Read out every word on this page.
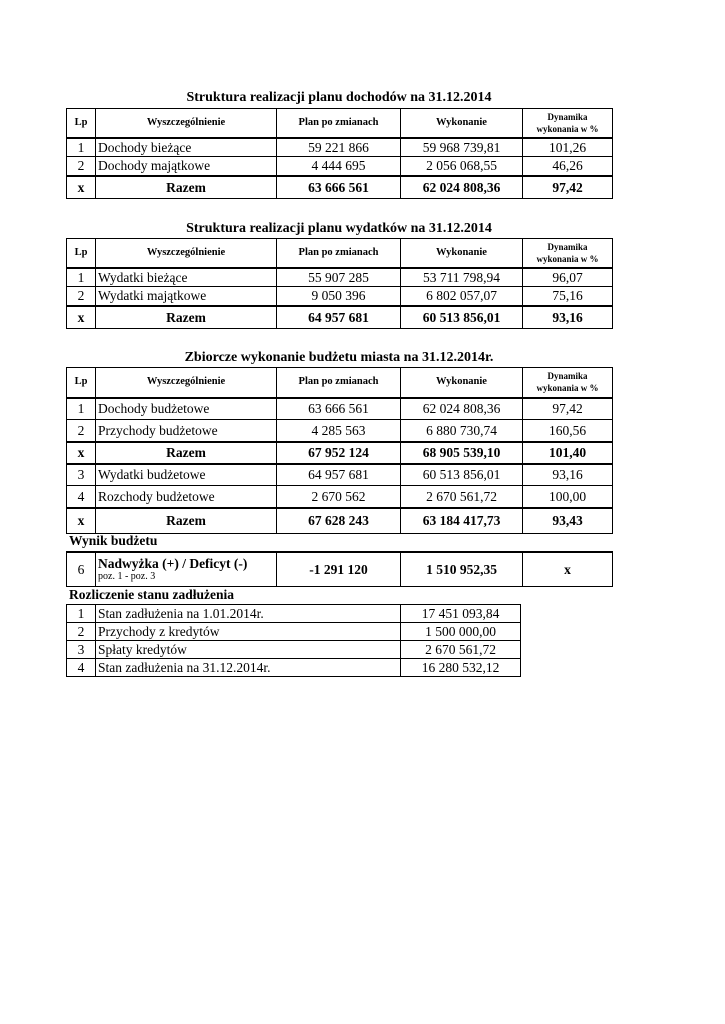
Struktura realizacji planu dochodów na 31.12.2014
Lp	Wyszczególnienie	Plan po zmianach	Wykonanie	Dynamika
wykonania w %
1	Dochody bieżące	59 221 866	59 968 739,81	101,26
2	Dochody majątkowe	4 444 695	2 056 068,55	46,26
x	Razem	63 666 561	62 024 808,36	97,42
Struktura realizacji planu wydatków na 31.12.2014
Lp	Wyszczególnienie	Plan po zmianach	Wykonanie	Dynamika
wykonania w %
1	Wydatki bieżące	55 907 285	53 711 798,94	96,07
2	Wydatki majątkowe	9 050 396	6 802 057,07	75,16
x	Razem	64 957 681	60 513 856,01	93,16
Zbiorcze wykonanie budżetu miasta na 31.12.2014r.
Lp	Wyszczególnienie	Plan po zmianach	Wykonanie	Dynamika
wykonania w %
1	Dochody budżetowe	63 666 561	62 024 808,36	97,42
2	Przychody budżetowe	4 285 563	6 880 730,74	160,56
x	Razem	67 952 124	68 905 539,10	101,40
3	Wydatki budżetowe	64 957 681	60 513 856,01	93,16
4	Rozchody budżetowe	2 670 562	2 670 561,72	100,00
x	Razem	67 628 243	63 184 417,73	93,43
Wynik budżetu
6	Nadwyżka (+) / Deficyt (-)
poz. 1 - poz. 3	-1 291 120	1 510 952,35	x
Rozliczenie stanu zadłużenia
1	Stan zadłużenia na 1.01.2014r.	17 451 093,84
2	Przychody z kredytów	1 500 000,00
3	Spłaty kredytów	2 670 561,72
4	Stan zadłużenia na 31.12.2014r.	16 280 532,12
